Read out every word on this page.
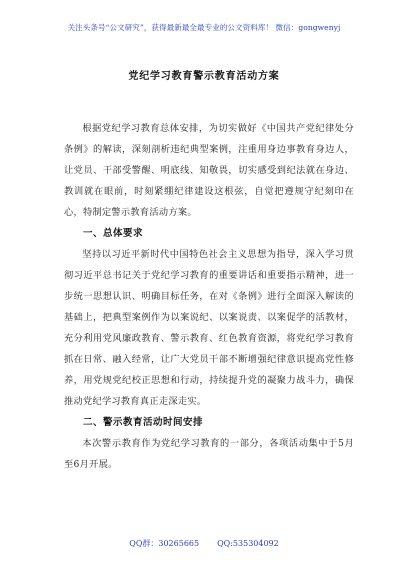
关注头条号“公文研究”，获得最新最全最专业的公文资料库！ 微信：gongwenyj
党纪学习教育警示教育活动方案

根据党纪学习教育总体安排，为切实做好《中国共产党纪律处分条例》的解读，深刻剖析违纪典型案例，注重用身边事教育身边人，让党员、干部受警醒、明底线、知敬畏，切实感受到纪法就在身边、教训就在眼前，时刻紧绷纪律建设这根弦，自觉把遵规守纪刻印在心，特制定警示教育活动方案。

一、总体要求

坚持以习近平新时代中国特色社会主义思想为指导，深入学习贯彻习近平总书记关于党纪学习教育的重要讲话和重要指示精神，进一步统一思想认识、明确目标任务，在对《条例》进行全面深入解读的基础上，把典型案例作为以案说纪、以案说责、以案促学的活教材，充分利用党风廉政教育、警示教育、红色教育资源，将党纪学习教育抓在日常、融入经常，让广大党员干部不断增强纪律意识提高党性修养，用党规党纪校正思想和行动，持续提升党的凝聚力战斗力，确保推动党纪学习教育真正走深走实。

二、警示教育活动时间安排

本次警示教育作为党纪学习教育的一部分，各项活动集中于5月至6月开展。

QQ群：30265665 QQ:535304092
